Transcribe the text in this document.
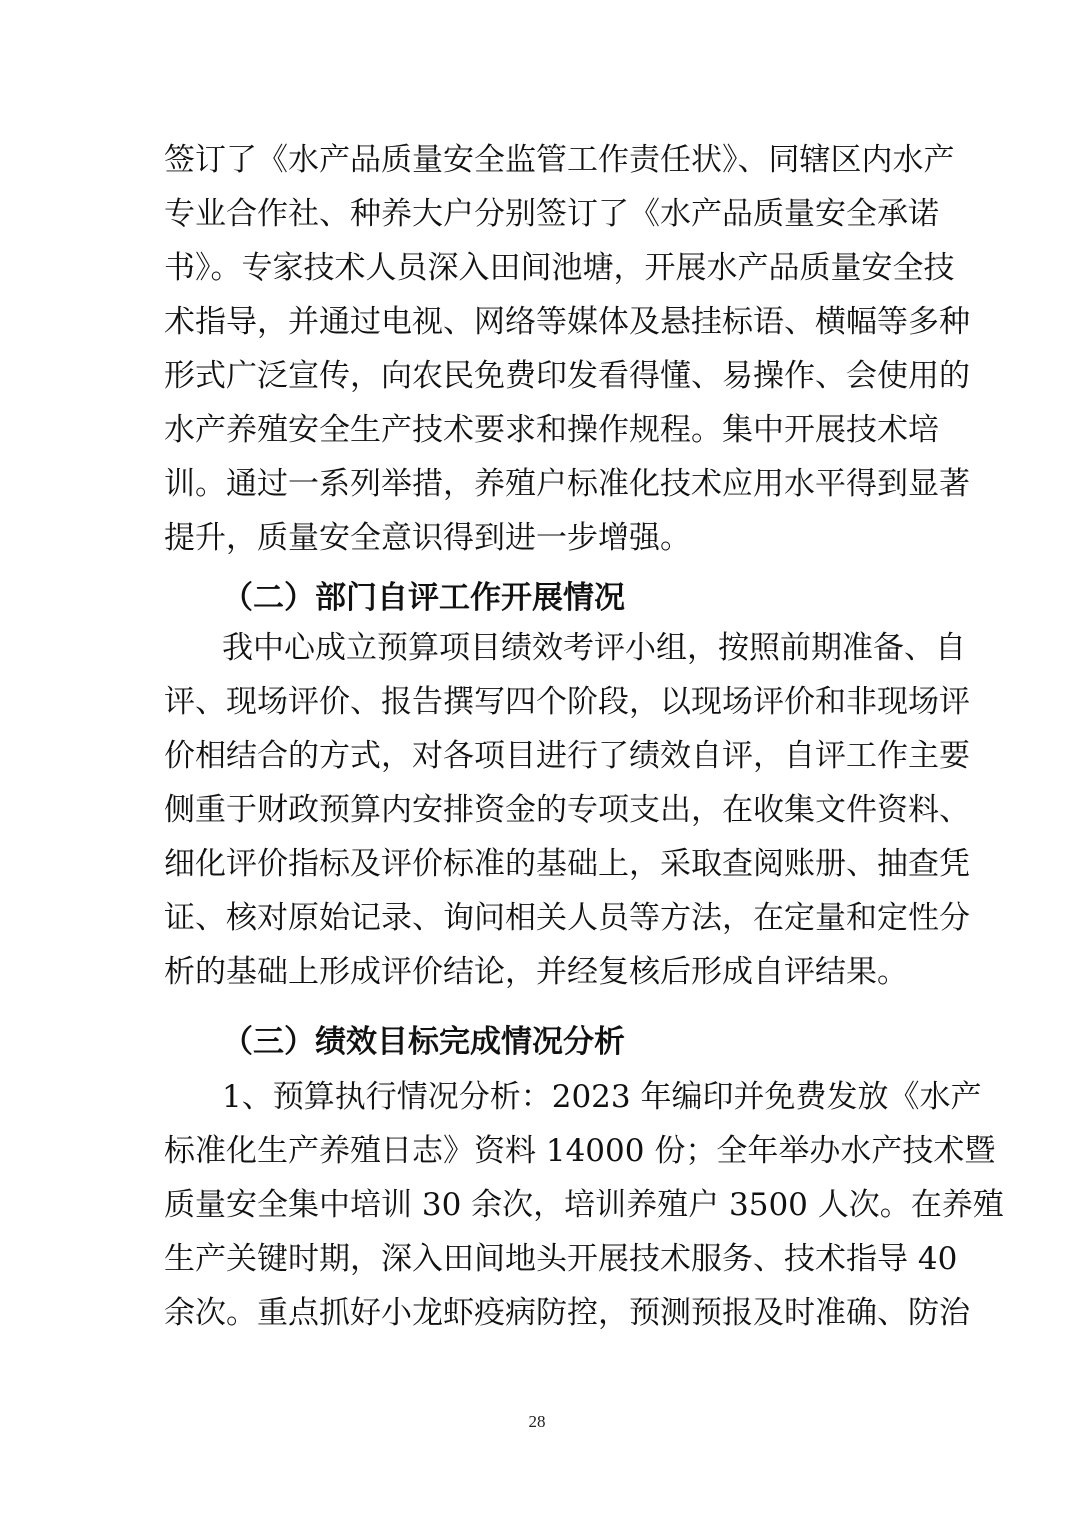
签订了《水产品质量安全监管工作责任状》、同辖区内水产
专业合作社、种养大户分别签订了《水产品质量安全承诺
书》。专家技术人员深入田间池塘，开展水产品质量安全技
术指导，并通过电视、网络等媒体及悬挂标语、横幅等多种
形式广泛宣传，向农民免费印发看得懂、易操作、会使用的
水产养殖安全生产技术要求和操作规程。集中开展技术培
训。通过一系列举措，养殖户标准化技术应用水平得到显著
提升，质量安全意识得到进一步增强。
（二）部门自评工作开展情况
我中心成立预算项目绩效考评小组，按照前期准备、自
评、现场评价、报告撰写四个阶段，以现场评价和非现场评
价相结合的方式，对各项目进行了绩效自评，自评工作主要
侧重于财政预算内安排资金的专项支出，在收集文件资料、
细化评价指标及评价标准的基础上，采取查阅账册、抽查凭
证、核对原始记录、询问相关人员等方法，在定量和定性分
析的基础上形成评价结论，并经复核后形成自评结果。
（三）绩效目标完成情况分析
1、预算执行情况分析：2023 年编印并免费发放《水产
标准化生产养殖日志》资料 14000 份；全年举办水产技术暨
质量安全集中培训 30 余次，培训养殖户 3500 人次。在养殖
生产关键时期，深入田间地头开展技术服务、技术指导 40
余次。重点抓好小龙虾疫病防控，预测预报及时准确、防治
28
